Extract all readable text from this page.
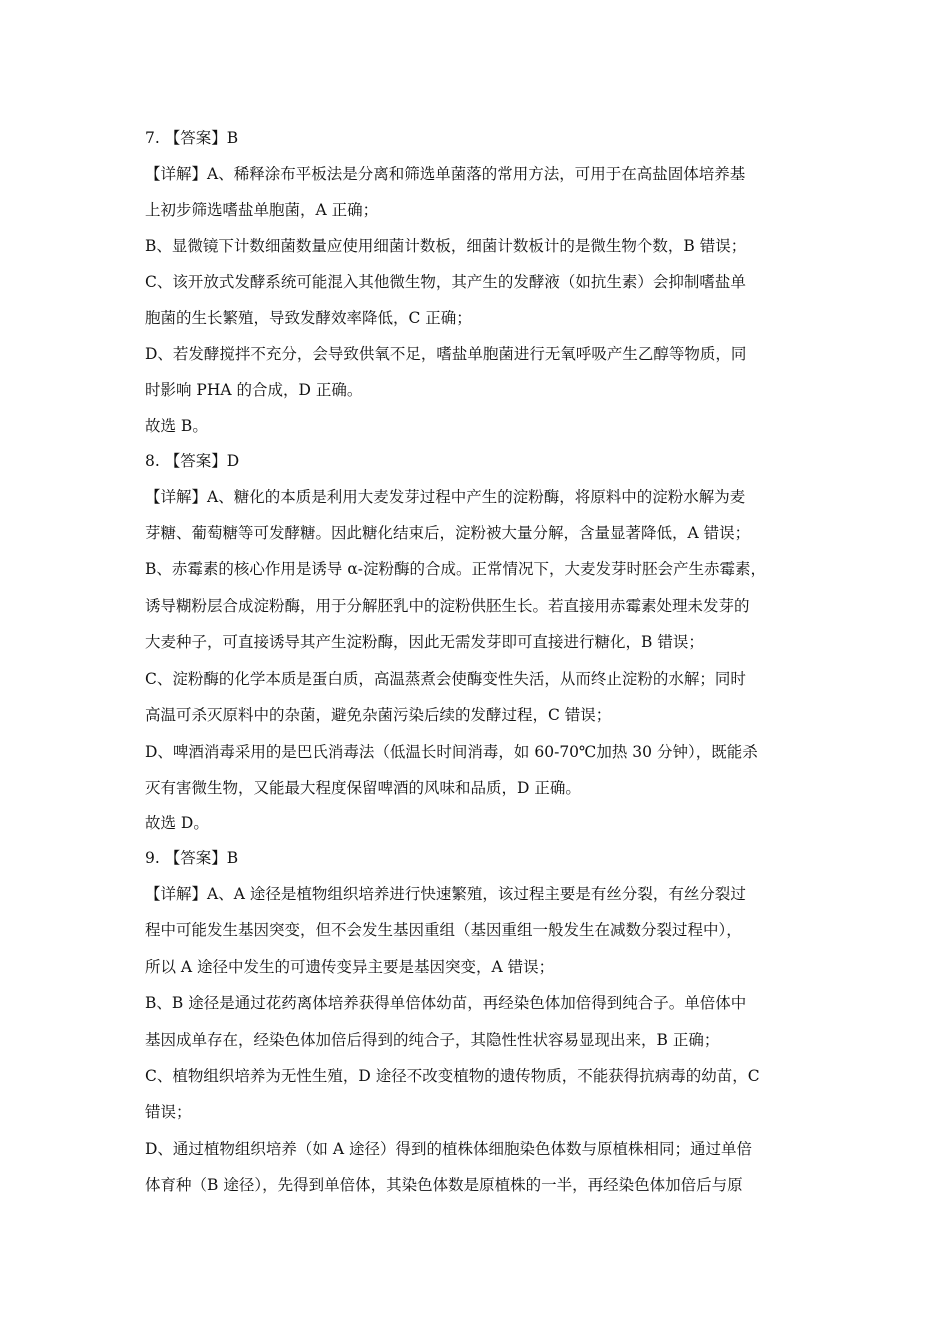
7. 【答案】B
【详解】A、稀释涂布平板法是分离和筛选单菌落的常用方法，可用于在高盐固体培养基
上初步筛选嗜盐单胞菌，A 正确；
B、显微镜下计数细菌数量应使用细菌计数板，细菌计数板计的是微生物个数，B 错误；
C、该开放式发酵系统可能混入其他微生物，其产生的发酵液（如抗生素）会抑制嗜盐单
胞菌的生长繁殖，导致发酵效率降低，C 正确；
D、若发酵搅拌不充分，会导致供氧不足，嗜盐单胞菌进行无氧呼吸产生乙醇等物质，同
时影响 PHA 的合成，D 正确。
故选 B。
8. 【答案】D
【详解】A、糖化的本质是利用大麦发芽过程中产生的淀粉酶，将原料中的淀粉水解为麦
芽糖、葡萄糖等可发酵糖。因此糖化结束后，淀粉被大量分解，含量显著降低，A 错误；
B、赤霉素的核心作用是诱导 α-淀粉酶的合成。正常情况下，大麦发芽时胚会产生赤霉素，
诱导糊粉层合成淀粉酶，用于分解胚乳中的淀粉供胚生长。若直接用赤霉素处理未发芽的
大麦种子，可直接诱导其产生淀粉酶，因此无需发芽即可直接进行糖化，B 错误；
C、淀粉酶的化学本质是蛋白质，高温蒸煮会使酶变性失活，从而终止淀粉的水解；同时
高温可杀灭原料中的杂菌，避免杂菌污染后续的发酵过程，C 错误；
D、啤酒消毒采用的是巴氏消毒法（低温长时间消毒，如 60-70℃加热 30 分钟），既能杀
灭有害微生物，又能最大程度保留啤酒的风味和品质，D 正确。
故选 D。
9. 【答案】B
【详解】A、A 途径是植物组织培养进行快速繁殖，该过程主要是有丝分裂，有丝分裂过
程中可能发生基因突变，但不会发生基因重组（基因重组一般发生在减数分裂过程中），
所以 A 途径中发生的可遗传变异主要是基因突变，A 错误；
B、B 途径是通过花药离体培养获得单倍体幼苗，再经染色体加倍得到纯合子。单倍体中
基因成单存在，经染色体加倍后得到的纯合子，其隐性性状容易显现出来，B 正确；
C、植物组织培养为无性生殖，D 途径不改变植物的遗传物质，不能获得抗病毒的幼苗，C
错误；
D、通过植物组织培养（如 A 途径）得到的植株体细胞染色体数与原植株相同；通过单倍
体育种（B 途径），先得到单倍体，其染色体数是原植株的一半，再经染色体加倍后与原
